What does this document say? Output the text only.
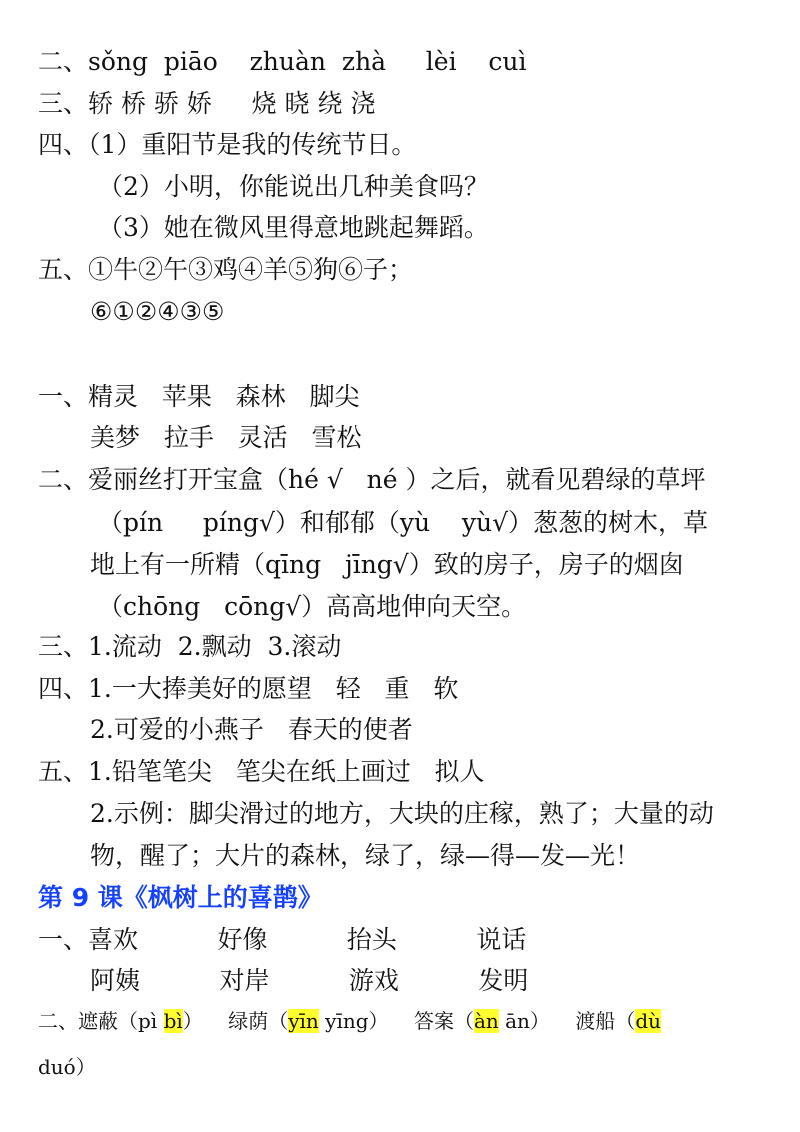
二、sǒng  piāo    zhuàn  zhà     lèi    cuì
三、轿 桥 骄 娇     烧 晓 绕 浇
四、（1）重阳节是我的传统节日。
（2）小明，你能说出几种美食吗？
（3）她在微风里得意地跳起舞蹈。
五、①牛②午③鸡④羊⑤狗⑥子；
⑥①②④③⑤
一、精灵   苹果   森林   脚尖
美梦   拉手   灵活   雪松
二、爱丽丝打开宝盒（hé √   né ）之后，就看见碧绿的草坪
（pín     píng√）和郁郁（yù    yù√）葱葱的树木，草
地上有一所精（qīng   jīng√）致的房子，房子的烟囱
（chōng   cōng√）高高地伸向天空。
三、1.流动  2.飘动  3.滚动
四、1.一大捧美好的愿望   轻   重   软
2.可爱的小燕子   春天的使者
五、1.铅笔笔尖   笔尖在纸上画过   拟人
2.示例：脚尖滑过的地方，大块的庄稼，熟了；大量的动
物，醒了；大片的森林，绿了，绿—得—发—光！
第 9 课《枫树上的喜鹊》
一、喜欢          好像          抬头          说话
阿姨          对岸          游戏          发明
二、遮蔽（pì bì）    绿荫（yīn yīng）    答案（àn ān）    渡船（dù
duó）
